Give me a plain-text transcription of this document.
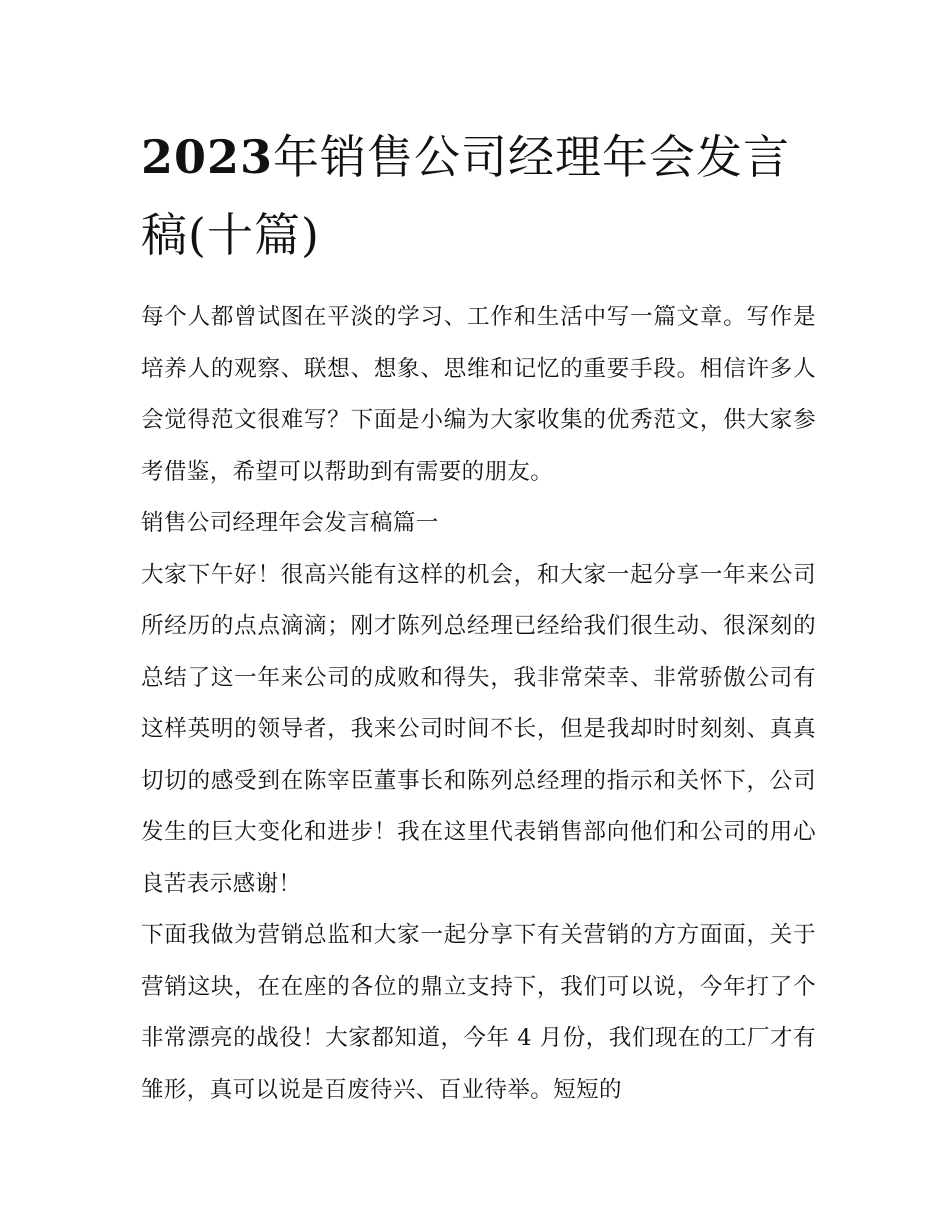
2023年销售公司经理年会发言稿(十篇)

每个人都曾试图在平淡的学习、工作和生活中写一篇文章。写作是培养人的观察、联想、想象、思维和记忆的重要手段。相信许多人会觉得范文很难写？下面是小编为大家收集的优秀范文，供大家参考借鉴，希望可以帮助到有需要的朋友。

销售公司经理年会发言稿篇一

大家下午好！很高兴能有这样的机会，和大家一起分享一年来公司所经历的点点滴滴；刚才陈列总经理已经给我们很生动、很深刻的总结了这一年来公司的成败和得失，我非常荣幸、非常骄傲公司有这样英明的领导者，我来公司时间不长，但是我却时时刻刻、真真切切的感受到在陈宰臣董事长和陈列总经理的指示和关怀下，公司发生的巨大变化和进步！我在这里代表销售部向他们和公司的用心良苦表示感谢！

下面我做为营销总监和大家一起分享下有关营销的方方面面，关于营销这块，在在座的各位的鼎立支持下，我们可以说，今年打了个非常漂亮的战役！大家都知道，今年 4 月份，我们现在的工厂才有雏形，真可以说是百废待兴、百业待举。短短的
